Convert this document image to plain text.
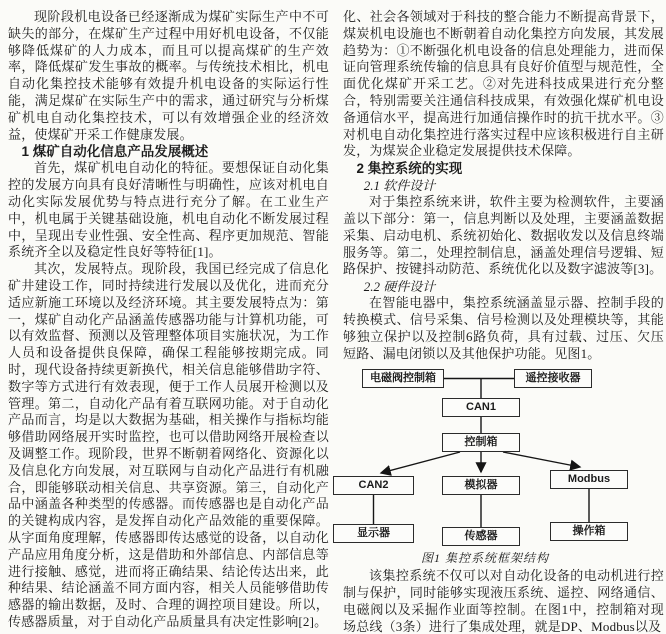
现阶段机电设备已经逐渐成为煤矿实际生产中不可缺失的部分，在煤矿生产过程中用好机电设备，不仅能够降低煤矿的人力成本，而且可以提高煤矿的生产效率，降低煤矿发生事故的概率。与传统技术相比，机电自动化集控技术能够有效提升机电设备的实际运行性能，满足煤矿在实际生产中的需求，通过研究与分析煤矿机电自动化集控技术，可以有效增强企业的经济效益，使煤矿开采工作健康发展。

1 煤矿自动化信息产品发展概述

首先，煤矿机电自动化的特征。要想保证自动化集控的发展方向具有良好清晰性与明确性，应该对机电自动化实际发展优势与特点进行充分了解。在工业生产中，机电属于关键基础设施，机电自动化不断发展过程中，呈现出专业性强、安全性高、程序更加规范、智能系统齐全以及稳定性良好等特征[1]。

其次，发展特点。现阶段，我国已经完成了信息化矿井建设工作，同时持续进行发展以及优化，进而充分适应新施工环境以及经济环境。其主要发展特点为：第一，煤矿自动化产品涵盖传感器功能与计算机功能，可以有效监督、预测以及管理整体项目实施状况，为工作人员和设备提供良保障，确保工程能够按期完成。同时，现代设备持续更新换代，相关信息能够借助字符、数字等方式进行有效表现，便于工作人员展开检测以及管理。第二，自动化产品有着互联网功能。对于自动化产品而言，均是以大数据为基础，相关操作与指标均能够借助网络展开实时监控，也可以借助网络开展检查以及调整工作。现阶段，世界不断朝着网络化、资源化以及信息化方向发展，对互联网与自动化产品进行有机融合，即能够联动相关信息、共享资源。第三，自动化产品中涵盖各种类型的传感器。而传感器也是自动化产品的关键构成内容，是发挥自动化产品效能的重要保障。从字面角度理解，传感器即传达感觉的设备，以自动化产品应用角度分析，这是借助和外部信息、内部信息等进行接触、感觉，进而将正确结果、结论传达出来，此种结果、结论涵盖不同方面内容，相关人员能够借助传感器的输出数据，及时、合理的调控项目建设。所以，传感器质量，对于自动化产品质量具有决定性影响[2]。

化、社会各领域对于科技的整合能力不断提高背景下，煤炭机电设施也不断朝着自动化集控方向发展，其发展趋势为：①不断强化机电设备的信息处理能力，进而保证向管理系统传输的信息具有良好价值型与规范性，全面优化煤矿开采工艺。②对先进科技成果进行充分整合，特别需要关注通信科技成果，有效强化煤矿机电设备通信水平，提高进行加通信操作时的抗干扰水平。③对机电自动化集控进行落实过程中应该积极进行自主研发，为煤炭企业稳定发展提供技术保障。

2 集控系统的实现
2.1 软件设计

对于集控系统来讲，软件主要为检测软件，主要涵盖以下部分：第一，信息判断以及处理，主要涵盖数据采集、启动电机、系统初始化、数据收发以及信息终端服务等。第二，处理控制信息，涵盖处理信号逻辑、短路保护、按键抖动防范、系统优化以及数字滤波等[3]。

2.2 硬件设计

在智能电器中，集控系统涵盖显示器、控制手段的转换模式、信号采集、信号检测以及处理模块等，其能够独立保护以及控制6路负荷，具有过载、过压、欠压短路、漏电闭锁以及其他保护功能。见图1。

电磁阀控制箱	遥控接收器
CAN1
控制箱
CAN2	模拟器	Modbus
显示器	传感器	操作箱
图1 集控系统框架结构

该集控系统不仅可以对自动化设备的电动机进行控制与保护，同时能够实现液压系统、遥控、网络通信、电磁阀以及采掘作业面等控制。在图1中，控制箱对现场总线（3条）进行了集成处理，就是DP、Modbus以及
